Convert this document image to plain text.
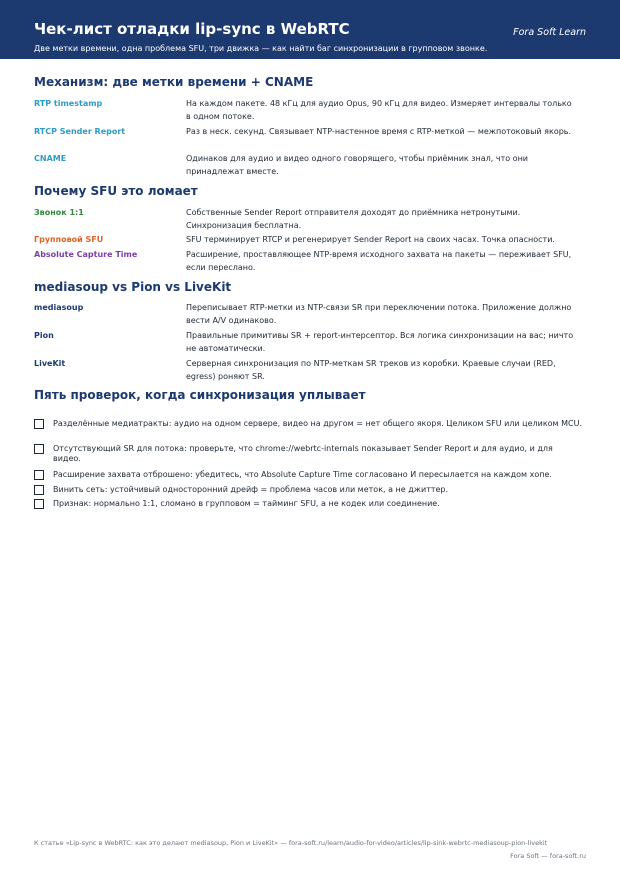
Чек-лист отладки lip-sync в WebRTC
Две метки времени, одна проблема SFU, три движка — как найти баг синхронизации в групповом звонке.
Fora Soft Learn
Механизм: две метки времени + CNAME
RTP timestamp	На каждом пакете. 48 кГц для аудио Opus, 90 кГц для видео. Измеряет интервалы только в одном потоке.
RTCP Sender Report	Раз в неск. секунд. Связывает NTP-настенное время с RTP-меткой — межпотоковый якорь.
CNAME	Одинаков для аудио и видео одного говорящего, чтобы приёмник знал, что они принадлежат вместе.
Почему SFU это ломает
Звонок 1:1	Собственные Sender Report отправителя доходят до приёмника нетронутыми. Синхронизация бесплатна.
Групповой SFU	SFU терминирует RTCP и регенерирует Sender Report на своих часах. Точка опасности.
Absolute Capture Time	Расширение, проставляющее NTP-время исходного захвата на пакеты — переживает SFU, если переслано.
mediasoup vs Pion vs LiveKit
mediasoup	Переписывает RTP-метки из NTP-связи SR при переключении потока. Приложение должно вести A/V одинаково.
Pion	Правильные примитивы SR + report-интерсептор. Вся логика синхронизации на вас; ничто не автоматически.
LiveKit	Серверная синхронизация по NTP-меткам SR треков из коробки. Краевые случаи (RED, egress) роняют SR.
Пять проверок, когда синхронизация уплывает
Разделённые медиатракты: аудио на одном сервере, видео на другом = нет общего якоря. Целиком SFU или целиком MCU.
Отсутствующий SR для потока: проверьте, что chrome://webrtc-internals показывает Sender Report и для аудио, и для видео.
Расширение захвата отброшено: убедитесь, что Absolute Capture Time согласовано И пересылается на каждом хопе.
Винить сеть: устойчивый односторонний дрейф = проблема часов или меток, а не джиттер.
Признак: нормально 1:1, сломано в групповом = тайминг SFU, а не кодек или соединение.
К статье «Lip-sync в WebRTC: как это делают mediasoup, Pion и LiveKit» — fora-soft.ru/learn/audio-for-video/articles/lip-sink-webrtc-mediasoup-pion-livekit
Fora Soft — fora-soft.ru
